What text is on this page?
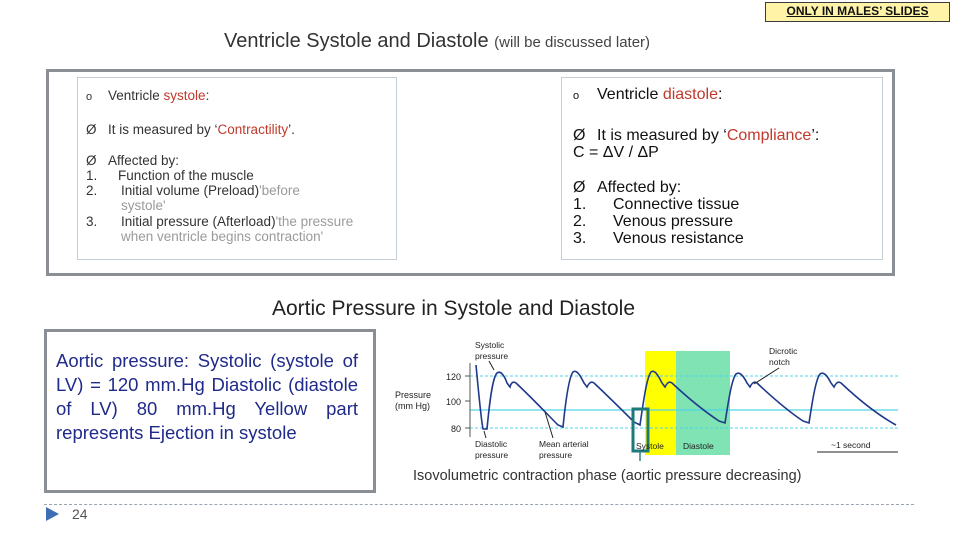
ONLY IN MALES’ SLIDES
Ventricle Systole and Diastole (will be discussed later)
o Ventricle systole:
Ø It is measured by ‘Contractility’.
Ø Affected by:
1. Function of the muscle
2. Initial volume (Preload)'before systole'
3. Initial pressure (Afterload)'the pressure when ventricle begins contraction'
o Ventricle diastole:
Ø It is measured by ‘Compliance’:
C = ΔV / ΔP
Ø Affected by:
1. Connective tissue
2. Venous pressure
3. Venous resistance
Aortic Pressure in Systole and Diastole
Aortic pressure: Systolic (systole of LV) = 120 mm.Hg Diastolic (diastole of LV) 80 mm.Hg Yellow part represents Ejection in systole
120
100
80
Pressure
(mm Hg)
Systolic
pressure	Dicrotic
notch
Diastolic
pressure
Mean arterial
pressure
Systole Diastole	~1 second
Isovolumetric contraction phase (aortic pressure decreasing)
24
